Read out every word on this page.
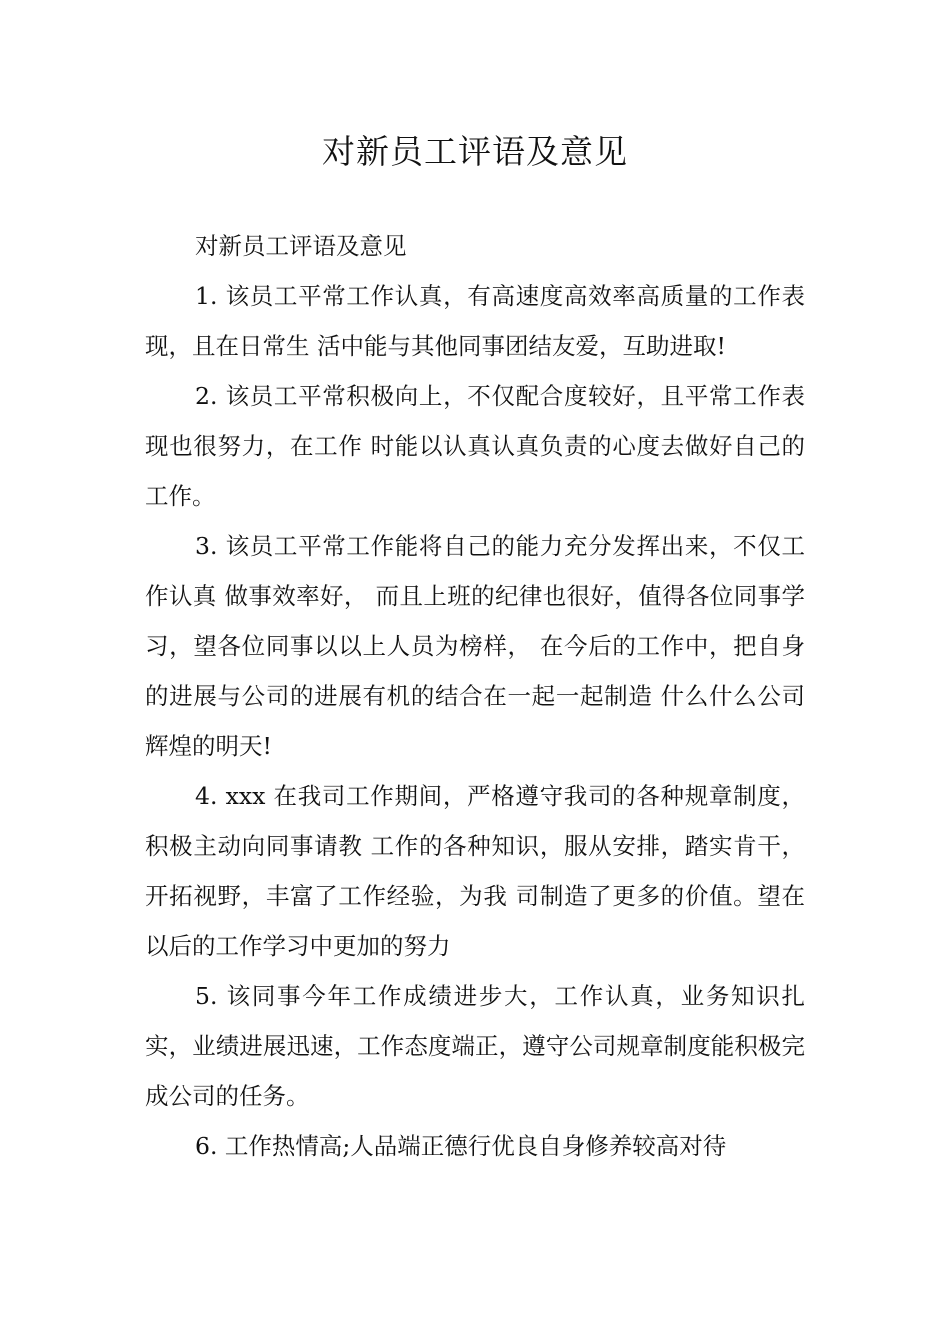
对新员工评语及意见

对新员工评语及意见

1. 该员工平常工作认真，有高速度高效率高质量的工作表现，且在日常生 活中能与其他同事团结友爱，互助进取!

2. 该员工平常积极向上，不仅配合度较好，且平常工作表现也很努力，在工作 时能以认真认真负责的心度去做好自己的工作。

3. 该员工平常工作能将自己的能力充分发挥出来，不仅工作认真 做事效率好， 而且上班的纪律也很好，值得各位同事学习，望各位同事以以上人员为榜样， 在今后的工作中，把自身的进展与公司的进展有机的结合在一起一起制造 什么什么公司辉煌的明天!

4. xxx 在我司工作期间，严格遵守我司的各种规章制度，积极主动向同事请教 工作的各种知识，服从安排，踏实肯干，开拓视野，丰富了工作经验，为我 司制造了更多的价值。望在以后的工作学习中更加的努力

5. 该同事今年工作成绩进步大，工作认真，业务知识扎实，业绩进展迅速，工作态度端正，遵守公司规章制度能积极完成公司的任务。

6. 工作热情高;人品端正德行优良自身修养较高对待
